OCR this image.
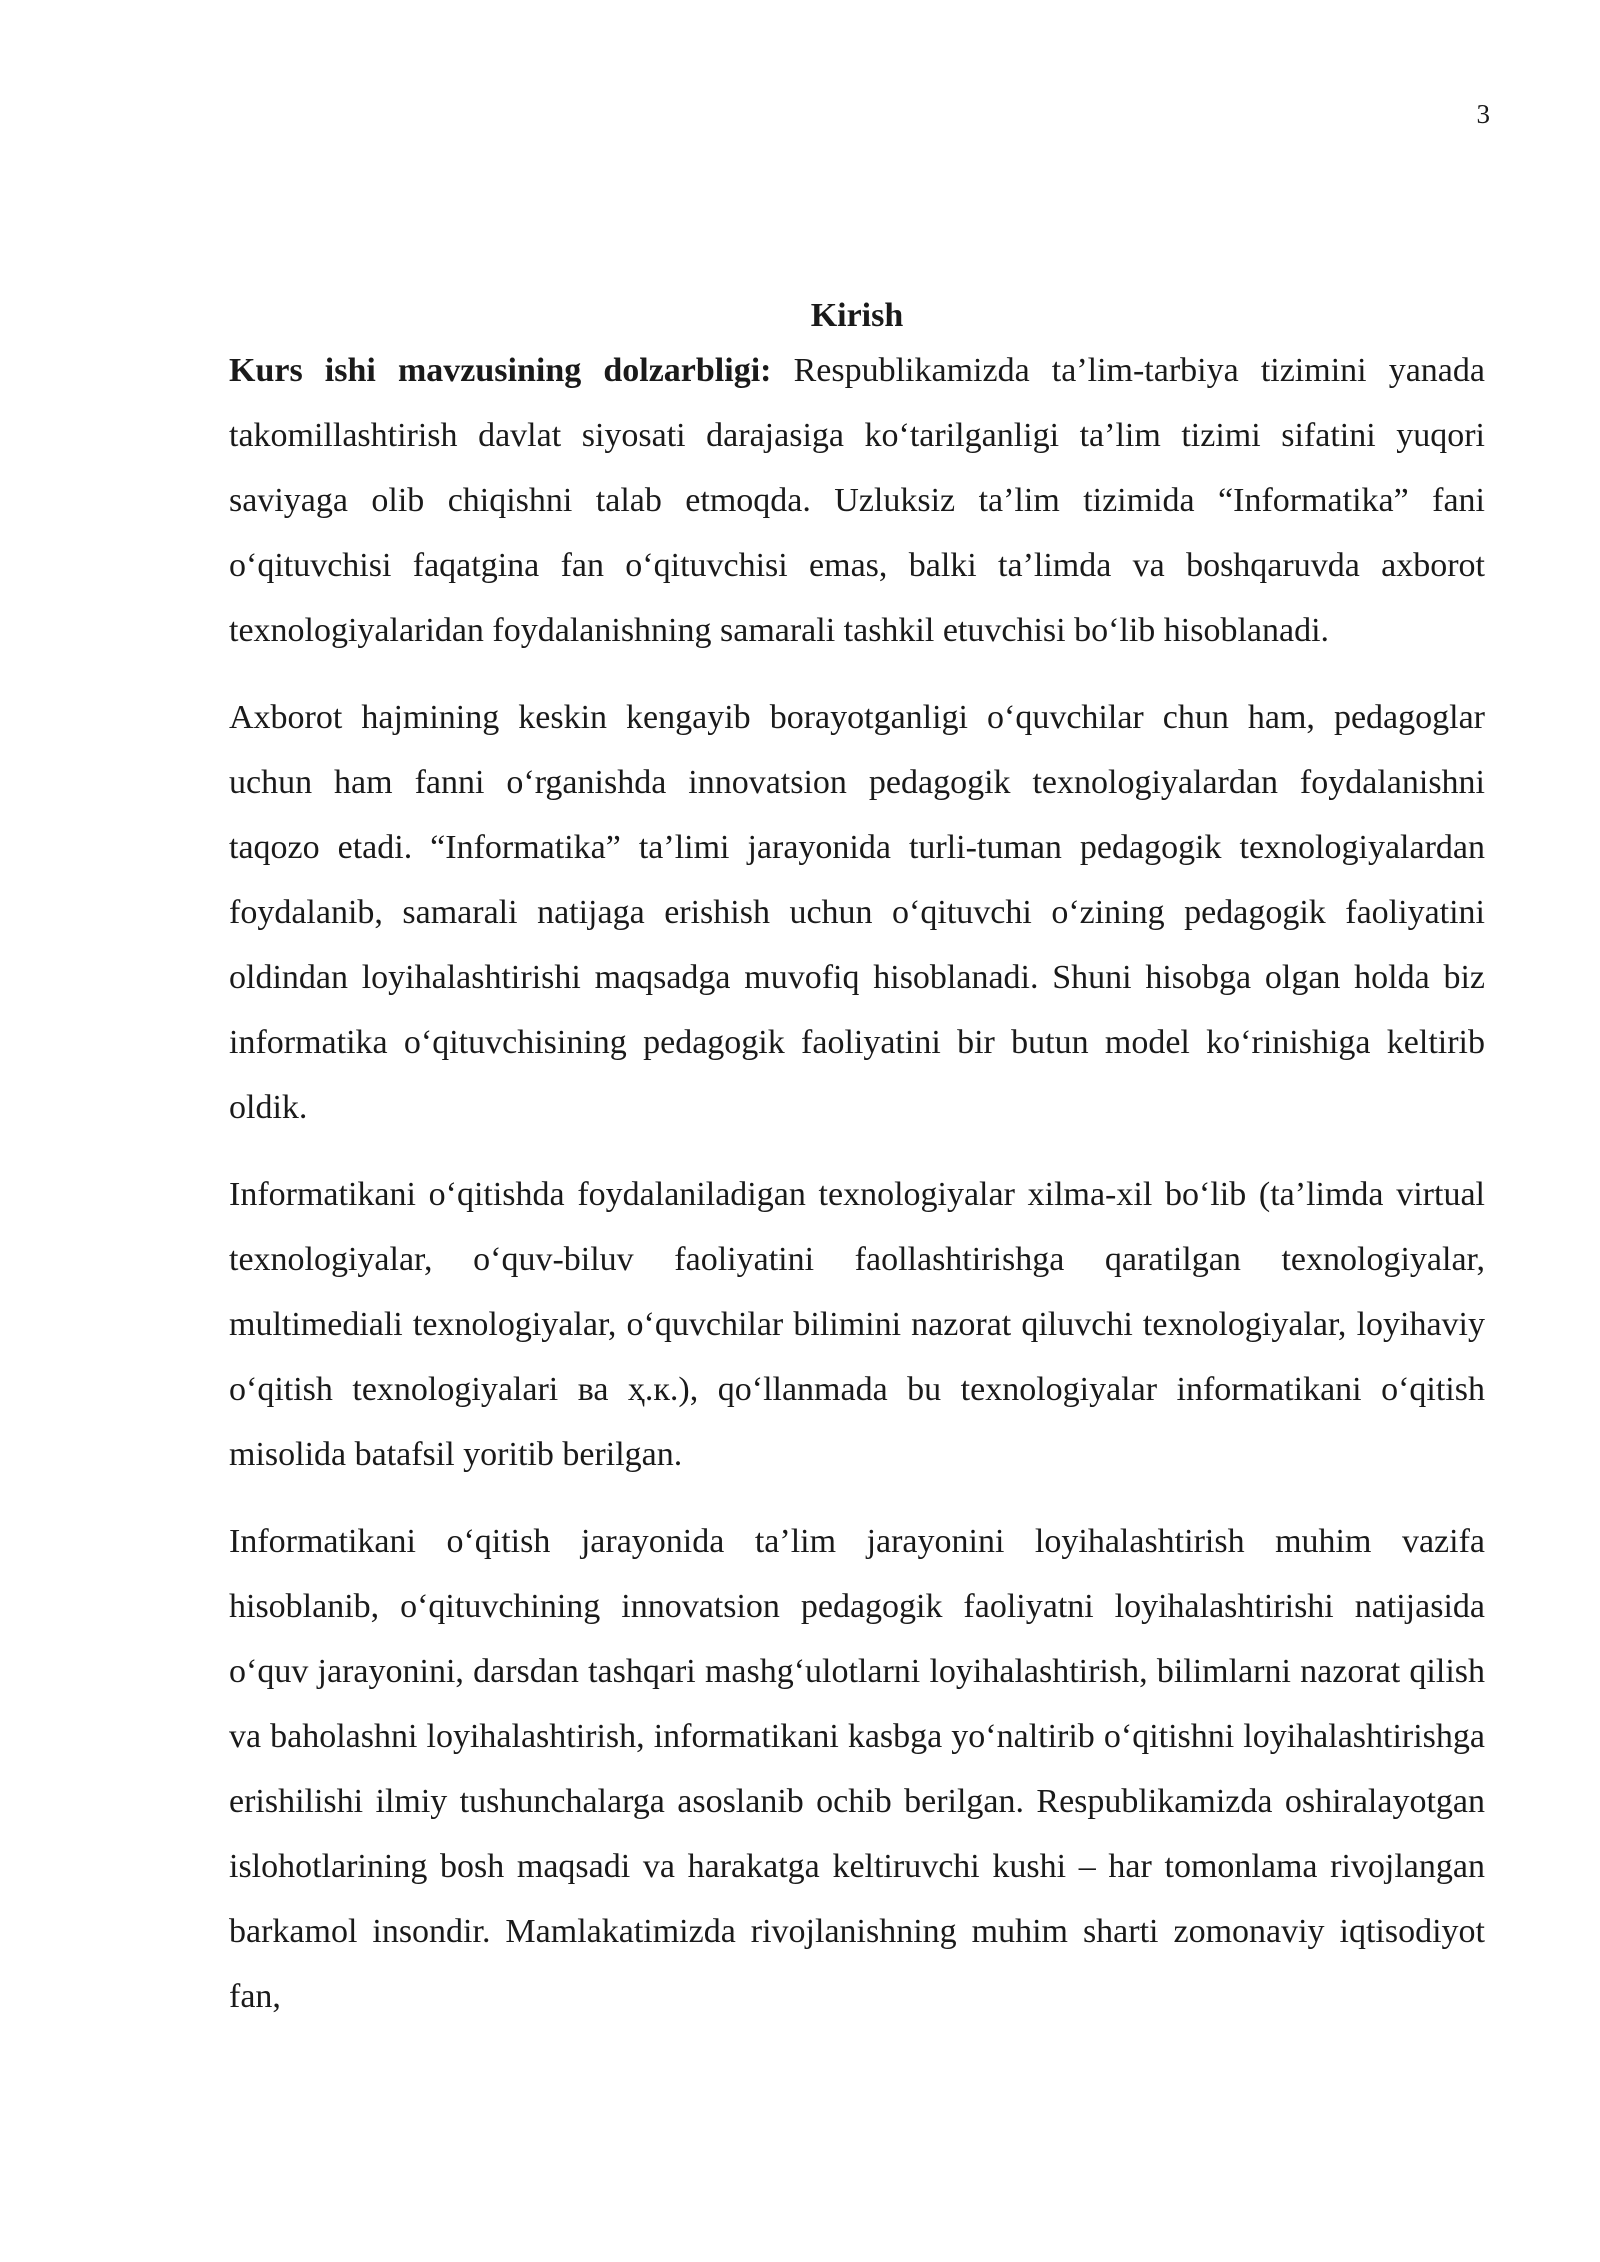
3
Kirish

Kurs ishi mavzusining dolzarbligi: Respublikamizda ta’lim-tarbiya tizimini yanada takomillashtirish davlat siyosati darajasiga ko‘tarilganligi ta’lim tizimi sifatini yuqori saviyaga olib chiqishni talab etmoqda. Uzluksiz ta’lim tizimida “Informatika” fani o‘qituvchisi faqatgina fan o‘qituvchisi emas, balki ta’limda va boshqaruvda axborot texnologiyalaridan foydalanishning samarali tashkil etuvchisi bo‘lib hisoblanadi.

Axborot hajmining keskin kengayib borayotganligi o‘quvchilar chun ham, pedagoglar uchun ham fanni o‘rganishda innovatsion pedagogik texnologiyalardan foydalanishni taqozo etadi. “Informatika” ta’limi jarayonida turli-tuman pedagogik texnologiyalardan foydalanib, samarali natijaga erishish uchun o‘qituvchi o‘zining pedagogik faoliyatini oldindan loyihalashtirishi maqsadga muvofiq hisoblanadi. Shuni hisobga olgan holda biz informatika o‘qituvchisining pedagogik faoliyatini bir butun model ko‘rinishiga keltirib oldik.

Informatikani o‘qitishda foydalaniladigan texnologiyalar xilma-xil bo‘lib (ta’limda virtual texnologiyalar, o‘quv-biluv faoliyatini faollashtirishga qaratilgan texnologiyalar, multimediali texnologiyalar, o‘quvchilar bilimini nazorat qiluvchi texnologiyalar, loyihaviy o‘qitish texnologiyalari ва ҳ.к.), qo‘llanmada bu texnologiyalar informatikani o‘qitish misolida batafsil yoritib berilgan.

Informatikani o‘qitish jarayonida ta’lim jarayonini loyihalashtirish muhim vazifa hisoblanib, o‘qituvchining innovatsion pedagogik faoliyatni loyihalashtirishi natijasida o‘quv jarayonini, darsdan tashqari mashg‘ulotlarni loyihalashtirish, bilimlarni nazorat qilish va baholashni loyihalashtirish, informatikani kasbga yo‘naltirib o‘qitishni loyihalashtirishga erishilishi ilmiy tushunchalarga asoslanib ochib berilgan. Respublikamizda oshiralayotgan islohotlarining bosh maqsadi va harakatga keltiruvchi kushi – har tomonlama rivojlangan barkamol insondir. Mamlakatimizda rivojlanishning muhim sharti zomonaviy iqtisodiyot fan,
